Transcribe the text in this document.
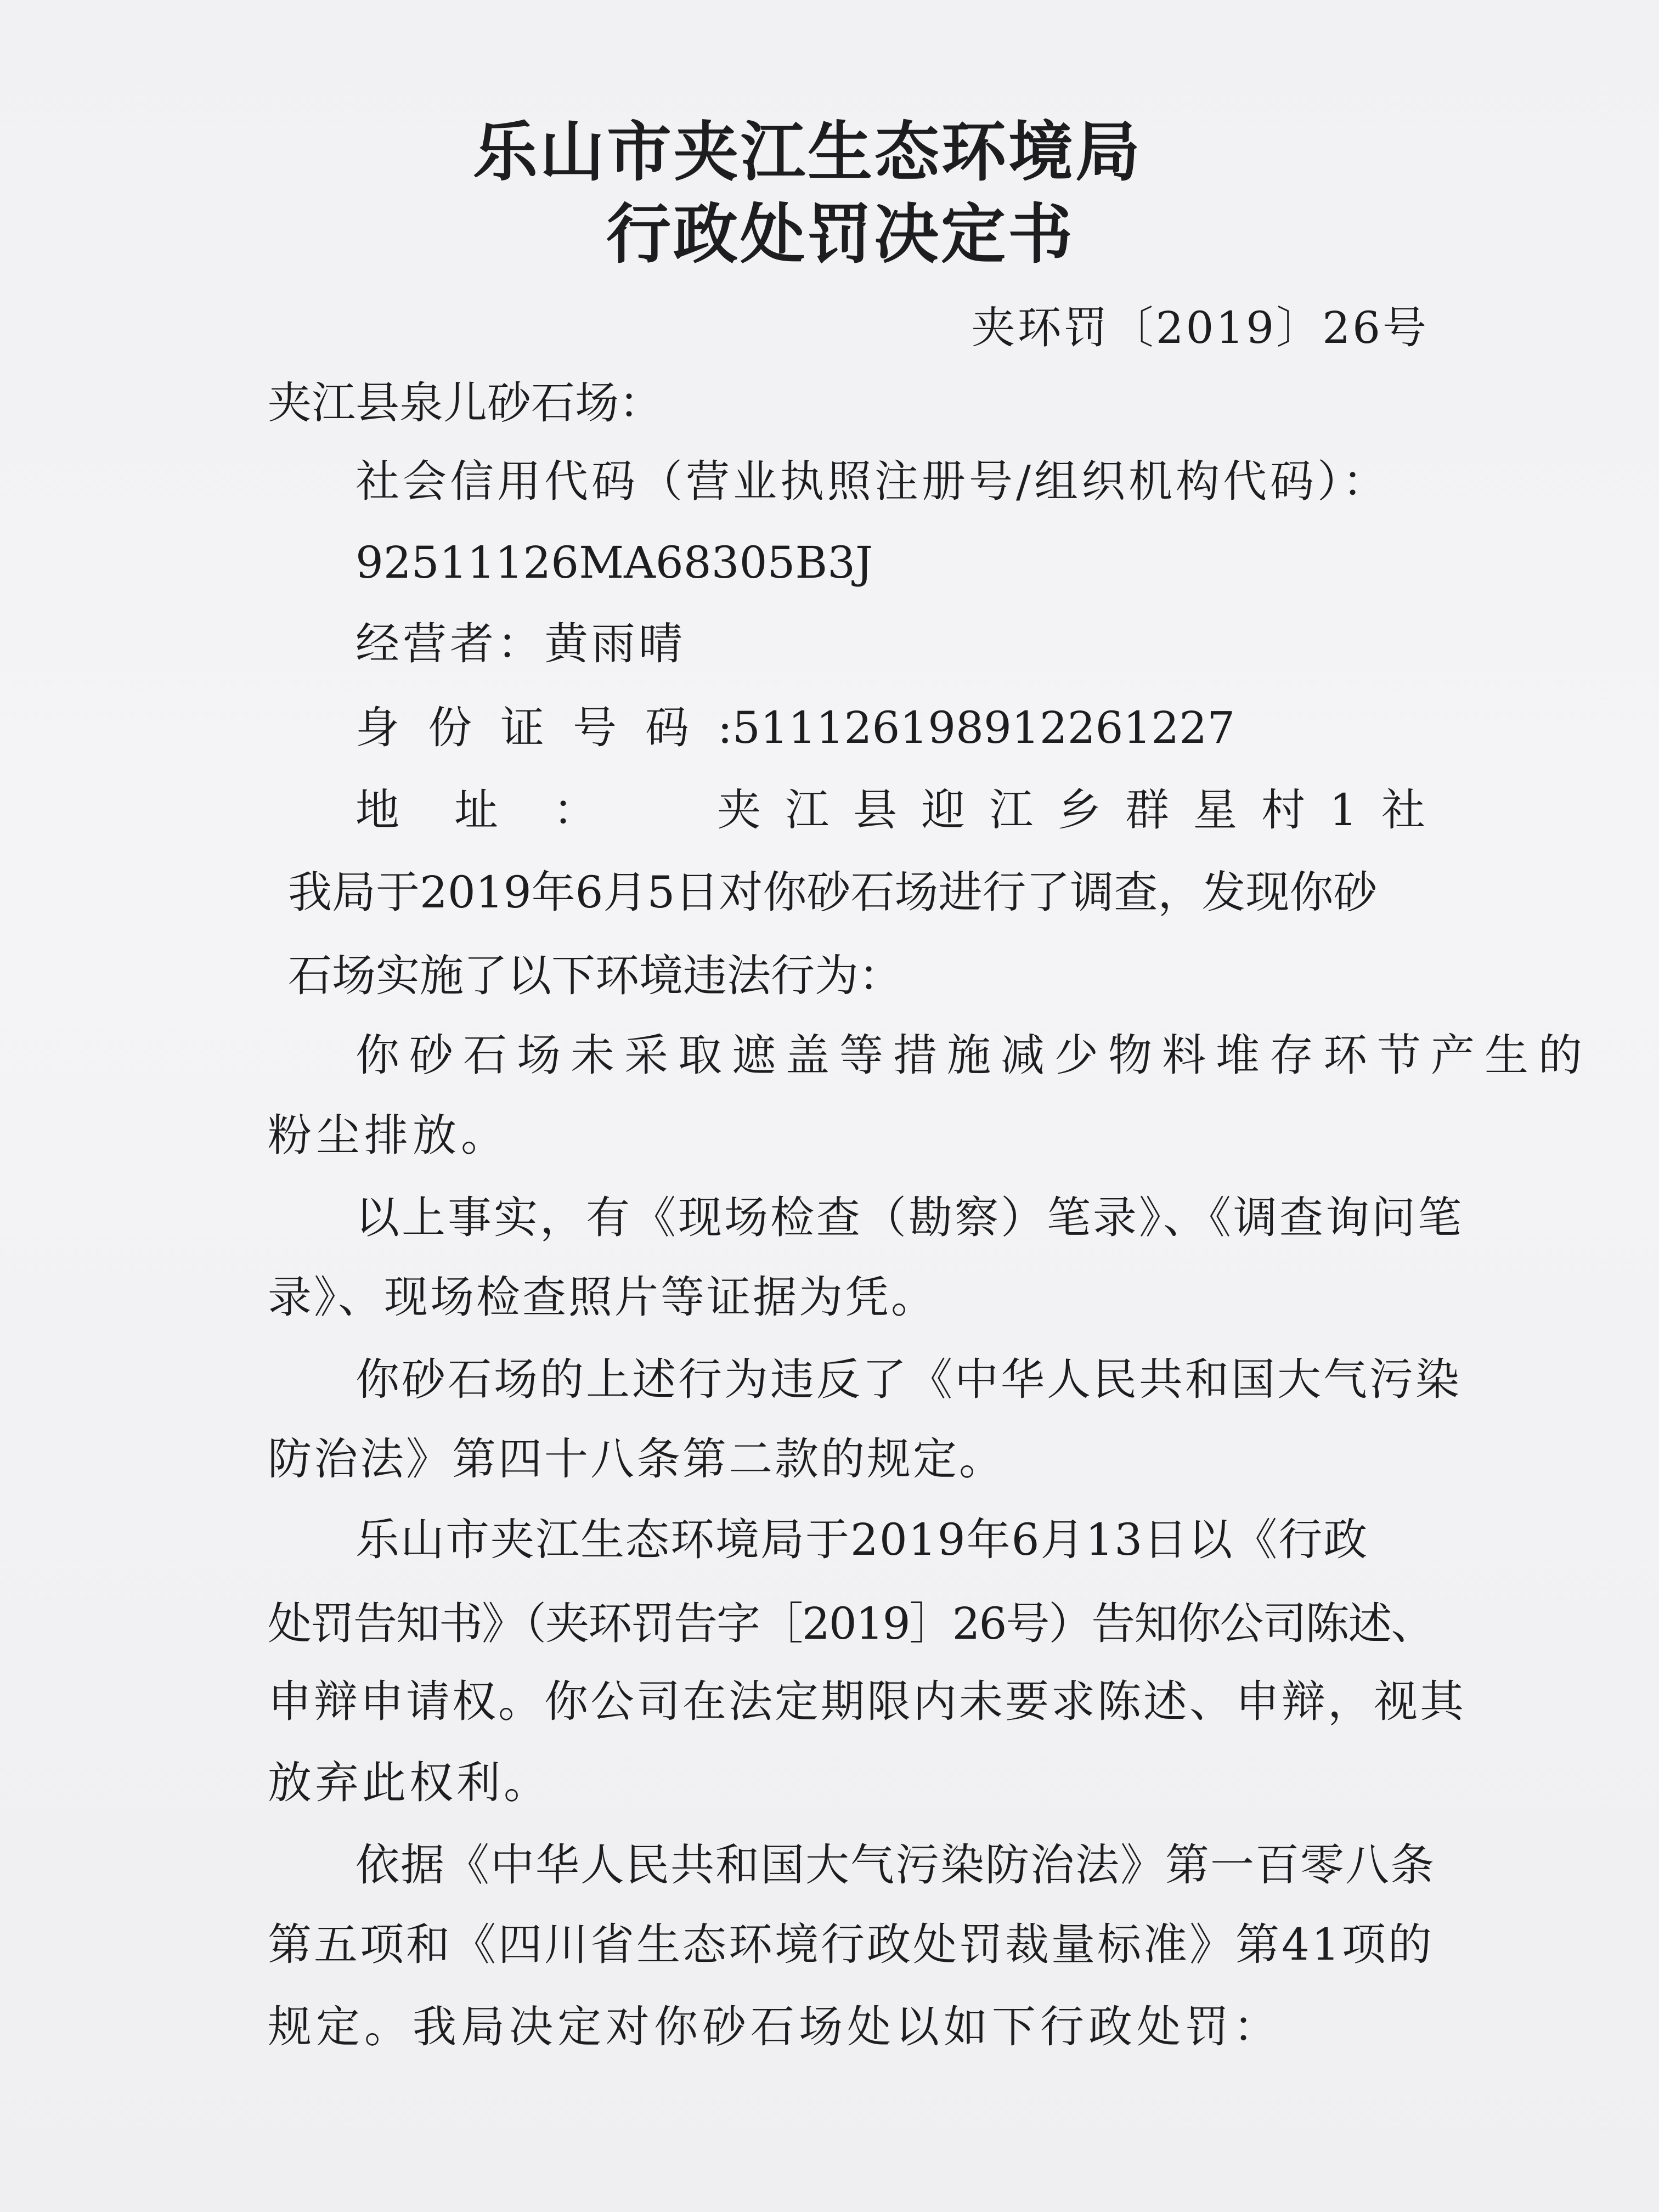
乐山市夹江生态环境局
行政处罚决定书
夹环罚〔2019〕26号
夹江县泉儿砂石场：
社会信用代码（营业执照注册号/组织机构代码）：
92511126MA68305B3J
经营者：黄雨晴
身份证号码:511126198912261227
地址： 夹江县迎江乡群星村1社
我局于2019年6月5日对你砂石场进行了调查，发现你砂
石场实施了以下环境违法行为：
你砂石场未采取遮盖等措施减少物料堆存环节产生的
粉尘排放。
以上事实，有《现场检查（勘察）笔录》、《调查询问笔
录》、现场检查照片等证据为凭。
你砂石场的上述行为违反了《中华人民共和国大气污染
防治法》第四十八条第二款的规定。
乐山市夹江生态环境局于2019年6月13日以《行政
处罚告知书》（夹环罚告字［2019］26号）告知你公司陈述、
申辩申请权。你公司在法定期限内未要求陈述、申辩，视其
放弃此权利。
依据《中华人民共和国大气污染防治法》第一百零八条
第五项和《四川省生态环境行政处罚裁量标准》第41项的
规定。我局决定对你砂石场处以如下行政处罚：
